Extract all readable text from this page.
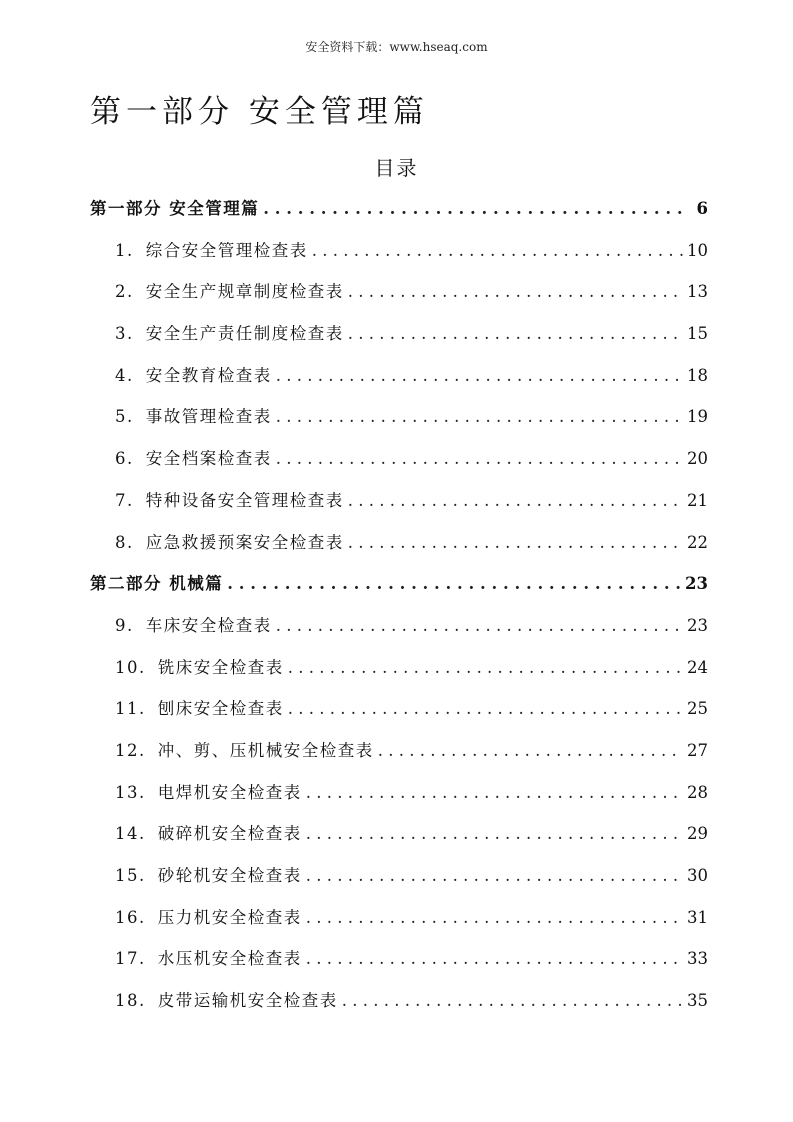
安全资料下载：www.hseaq.com
第一部分 安全管理篇
目录
第一部分 安全管理篇 . . .	6
1. 综合安全管理检查表 . . .	10
2. 安全生产规章制度检查表 . . .	13
3. 安全生产责任制度检查表 . . .	15
4. 安全教育检查表 . . .	18
5. 事故管理检查表 . . .	19
6. 安全档案检查表 . . .	20
7. 特种设备安全管理检查表 . . .	21
8. 应急救援预案安全检查表 . . .	22
第二部分 机械篇 . . .	23
9. 车床安全检查表 . . .	23
10. 铣床安全检查表 . . .	24
11. 刨床安全检查表 . . .	25
12. 冲、剪、压机械安全检查表 . . .	27
13. 电焊机安全检查表 . . .	28
14. 破碎机安全检查表 . . .	29
15. 砂轮机安全检查表 . . .	30
16. 压力机安全检查表 . . .	31
17. 水压机安全检查表 . . .	33
18. 皮带运输机安全检查表 . . .	35
